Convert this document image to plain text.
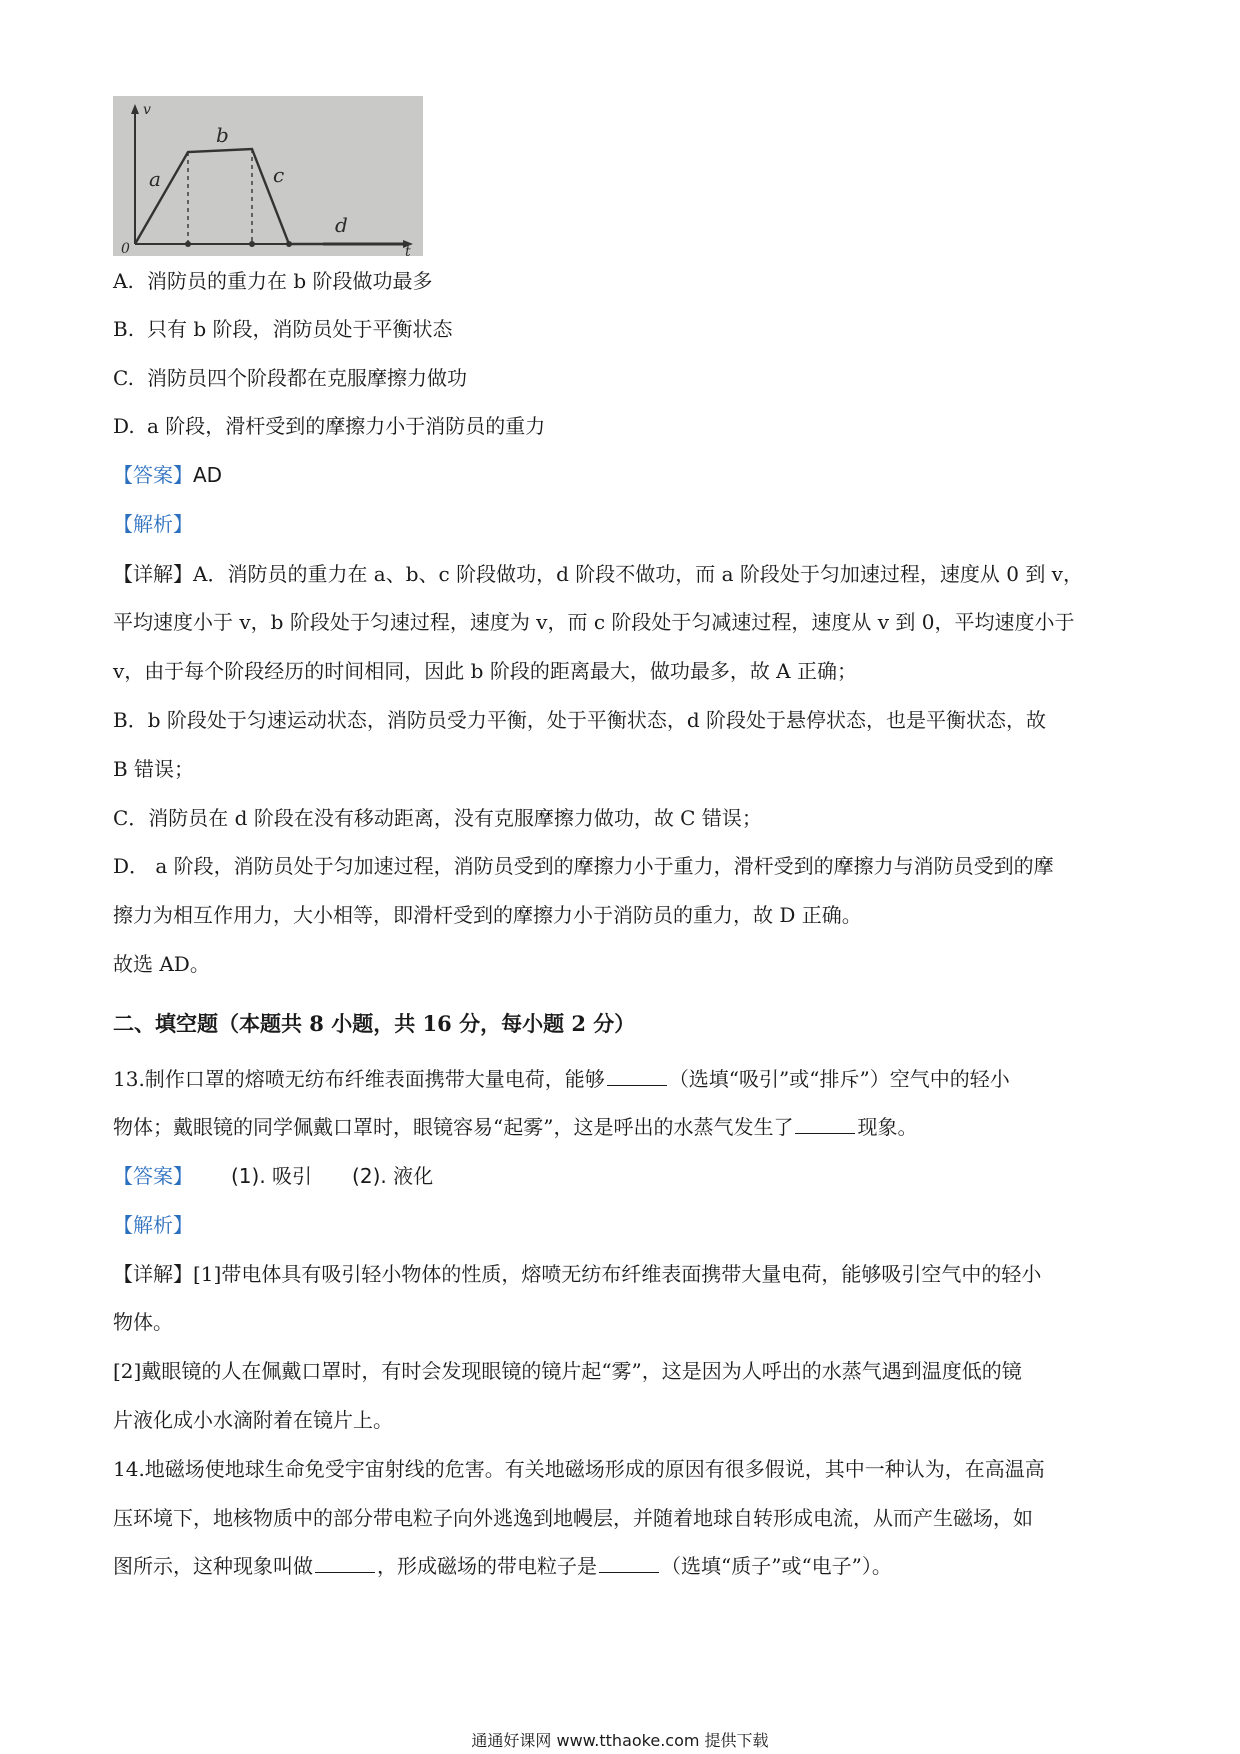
v
t
0
a
b
c
d
A. 消防员的重力在 b 阶段做功最多
B. 只有 b 阶段，消防员处于平衡状态
C. 消防员四个阶段都在克服摩擦力做功
D. a 阶段，滑杆受到的摩擦力小于消防员的重力
【答案】AD
【解析】
【详解】A．消防员的重力在 a、b、c 阶段做功，d 阶段不做功，而 a 阶段处于匀加速过程，速度从 0 到 v，
平均速度小于 v，b 阶段处于匀速过程，速度为 v，而 c 阶段处于匀减速过程，速度从 v 到 0，平均速度小于
v，由于每个阶段经历的时间相同，因此 b 阶段的距离最大，做功最多，故 A 正确；
B．b 阶段处于匀速运动状态，消防员受力平衡，处于平衡状态，d 阶段处于悬停状态，也是平衡状态，故
B 错误；
C．消防员在 d 阶段在没有移动距离，没有克服摩擦力做功，故 C 错误；
D． a 阶段，消防员处于匀加速过程，消防员受到的摩擦力小于重力，滑杆受到的摩擦力与消防员受到的摩
擦力为相互作用力，大小相等，即滑杆受到的摩擦力小于消防员的重力，故 D 正确。
故选 AD。
二、填空题（本题共 8 小题，共 16 分，每小题 2 分）
13.制作口罩的熔喷无纺布纤维表面携带大量电荷，能够	（选填“吸引”或“排斥”）空气中的轻小
物体；戴眼镜的同学佩戴口罩时，眼镜容易“起雾”，这是呼出的水蒸气发生了	现象。
【答案】 (1). 吸引 (2). 液化
【解析】
【详解】[1]带电体具有吸引轻小物体的性质，熔喷无纺布纤维表面携带大量电荷，能够吸引空气中的轻小
物体。
[2]戴眼镜的人在佩戴口罩时，有时会发现眼镜的镜片起“雾”，这是因为人呼出的水蒸气遇到温度低的镜
片液化成小水滴附着在镜片上。
14.地磁场使地球生命免受宇宙射线的危害。有关地磁场形成的原因有很多假说，其中一种认为，在高温高
压环境下，地核物质中的部分带电粒子向外逃逸到地幔层，并随着地球自转形成电流，从而产生磁场，如
图所示，这种现象叫做	，形成磁场的带电粒子是	（选填“质子”或“电子”）。
通通好课网 www.tthaoke.com 提供下载
